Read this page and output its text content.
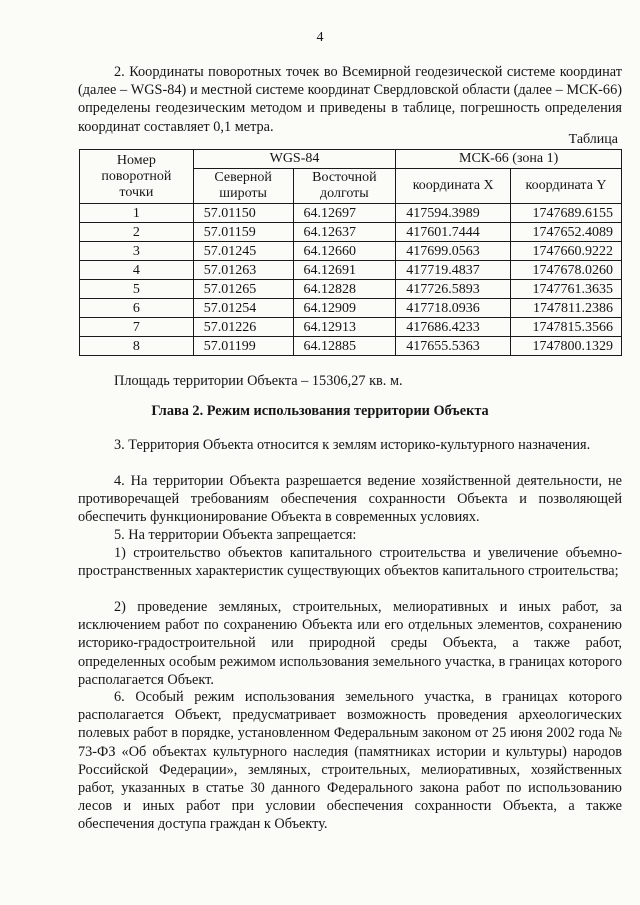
4

2. Координаты поворотных точек во Всемирной геодезической системе координат (далее – WGS-84) и местной системе координат Свердловской области (далее – МСК-66) определены геодезическим методом и приведены в таблице, погрешность определения координат составляет 0,1 метра.

Таблица
Номер поворотной точки	WGS-84		МСК-66 (зона 1)	
	Северной широты	Восточной долготы	координата X	координата Y
1	57.01150	64.12697	417594.3989	1747689.6155
2	57.01159	64.12637	417601.7444	1747652.4089
3	57.01245	64.12660	417699.0563	1747660.9222
4	57.01263	64.12691	417719.4837	1747678.0260
5	57.01265	64.12828	417726.5893	1747761.3635
6	57.01254	64.12909	417718.0936	1747811.2386
7	57.01226	64.12913	417686.4233	1747815.3566
8	57.01199	64.12885	417655.5363	1747800.1329
Площадь территории Объекта – 15306,27 кв. м.
Глава 2. Режим использования территории Объекта

3. Территория Объекта относится к землям историко-культурного назначения.

4. На территории Объекта разрешается ведение хозяйственной деятельности, не противоречащей требованиям обеспечения сохранности Объекта и позволяющей обеспечить функционирование Объекта в современных условиях.

5. На территории Объекта запрещается:

1) строительство объектов капитального строительства и увеличение объемно-пространственных характеристик существующих объектов капитального строительства;

2) проведение земляных, строительных, мелиоративных и иных работ, за исключением работ по сохранению Объекта или его отдельных элементов, сохранению историко-градостроительной или природной среды Объекта, а также работ, определенных особым режимом использования земельного участка, в границах которого располагается Объект.

6. Особый режим использования земельного участка, в границах которого располагается Объект, предусматривает возможность проведения археологических полевых работ в порядке, установленном Федеральным законом от 25 июня 2002 года № 73-ФЗ «Об объектах культурного наследия (памятниках истории и культуры) народов Российской Федерации», земляных, строительных, мелиоративных, хозяйственных работ, указанных в статье 30 данного Федерального закона работ по использованию лесов и иных работ при условии обеспечения сохранности Объекта, а также обеспечения доступа граждан к Объекту.
